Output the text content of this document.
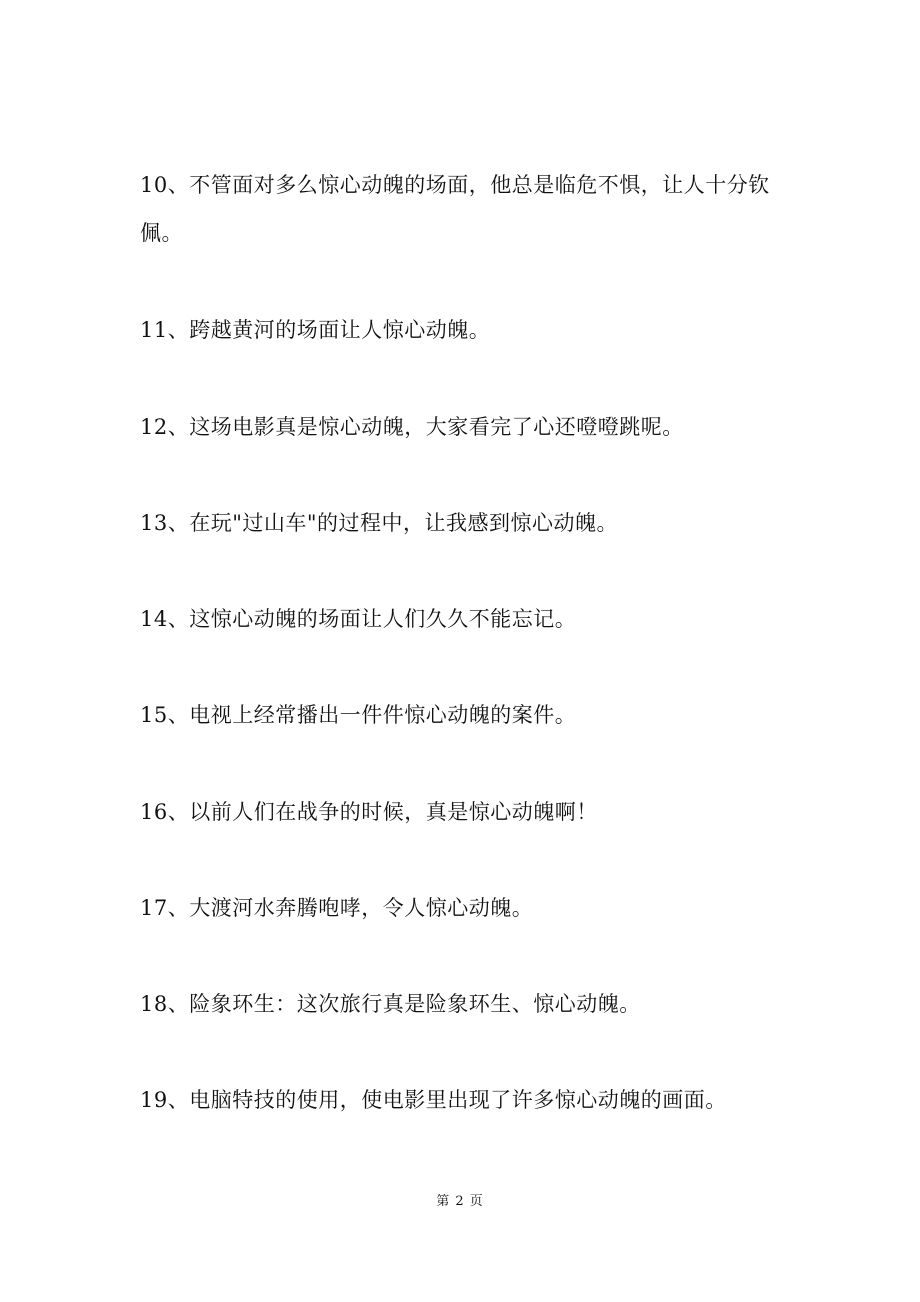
10、不管面对多么惊心动魄的场面，他总是临危不惧，让人十分钦佩。

11、跨越黄河的场面让人惊心动魄。

12、这场电影真是惊心动魄，大家看完了心还噔噔跳呢。

13、在玩"过山车"的过程中，让我感到惊心动魄。

14、这惊心动魄的场面让人们久久不能忘记。

15、电视上经常播出一件件惊心动魄的案件。

16、以前人们在战争的时候，真是惊心动魄啊！

17、大渡河水奔腾咆哮，令人惊心动魄。

18、险象环生：这次旅行真是险象环生、惊心动魄。

19、电脑特技的使用，使电影里出现了许多惊心动魄的画面。

第 2 页
